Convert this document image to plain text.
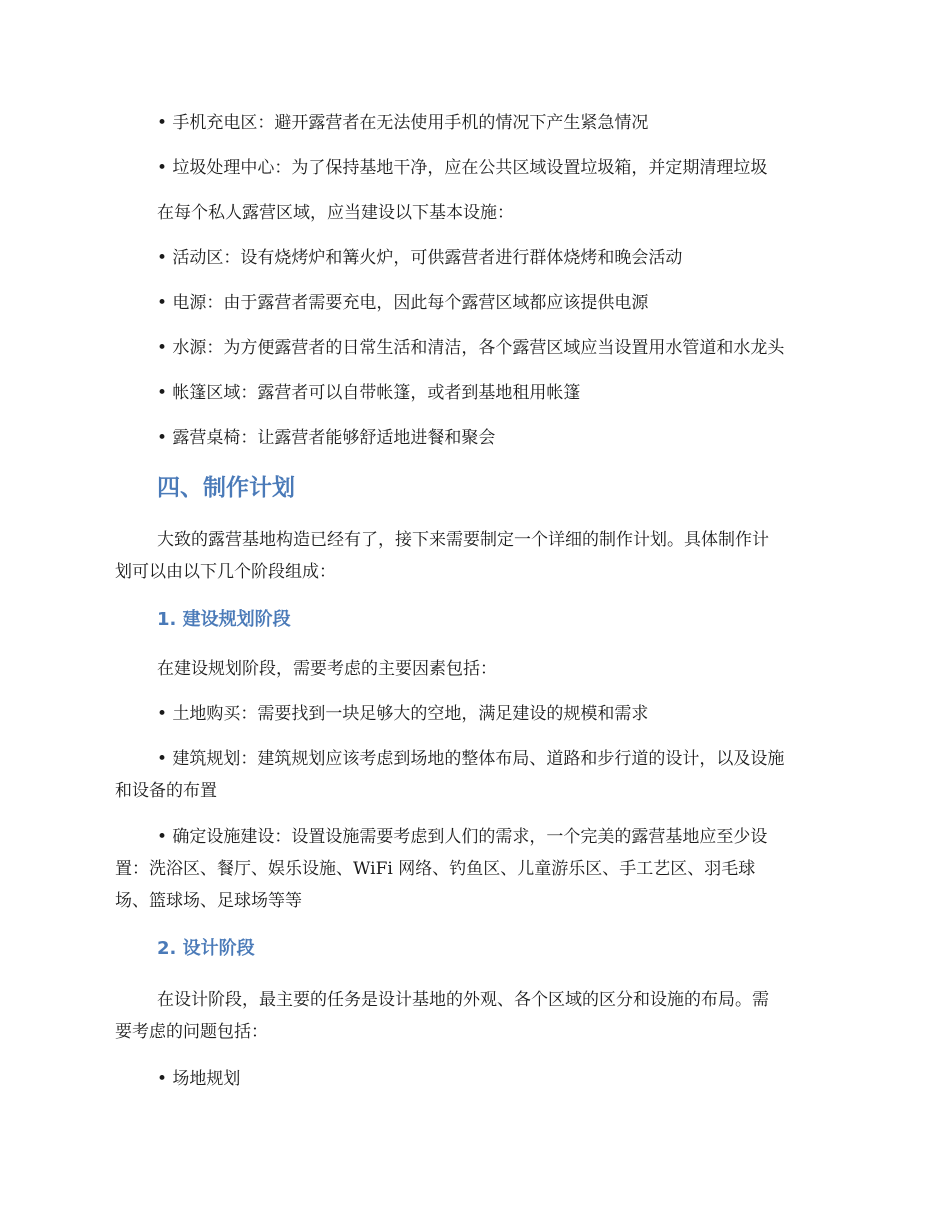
• 手机充电区：避开露营者在无法使用手机的情况下产生紧急情况

• 垃圾处理中心：为了保持基地干净，应在公共区域设置垃圾箱，并定期清理垃圾

在每个私人露营区域，应当建设以下基本设施：

• 活动区：设有烧烤炉和篝火炉，可供露营者进行群体烧烤和晚会活动

• 电源：由于露营者需要充电，因此每个露营区域都应该提供电源

• 水源：为方便露营者的日常生活和清洁，各个露营区域应当设置用水管道和水龙头

• 帐篷区域：露营者可以自带帐篷，或者到基地租用帐篷

• 露营桌椅：让露营者能够舒适地进餐和聚会

四、制作计划

大致的露营基地构造已经有了，接下来需要制定一个详细的制作计划。具体制作计

划可以由以下几个阶段组成：

1. 建设规划阶段

在建设规划阶段，需要考虑的主要因素包括：

• 土地购买：需要找到一块足够大的空地，满足建设的规模和需求

• 建筑规划：建筑规划应该考虑到场地的整体布局、道路和步行道的设计，以及设施

和设备的布置

• 确定设施建设：设置设施需要考虑到人们的需求，一个完美的露营基地应至少设

置：洗浴区、餐厅、娱乐设施、WiFi 网络、钓鱼区、儿童游乐区、手工艺区、羽毛球

场、篮球场、足球场等等

2. 设计阶段

在设计阶段，最主要的任务是设计基地的外观、各个区域的区分和设施的布局。需

要考虑的问题包括：

• 场地规划
